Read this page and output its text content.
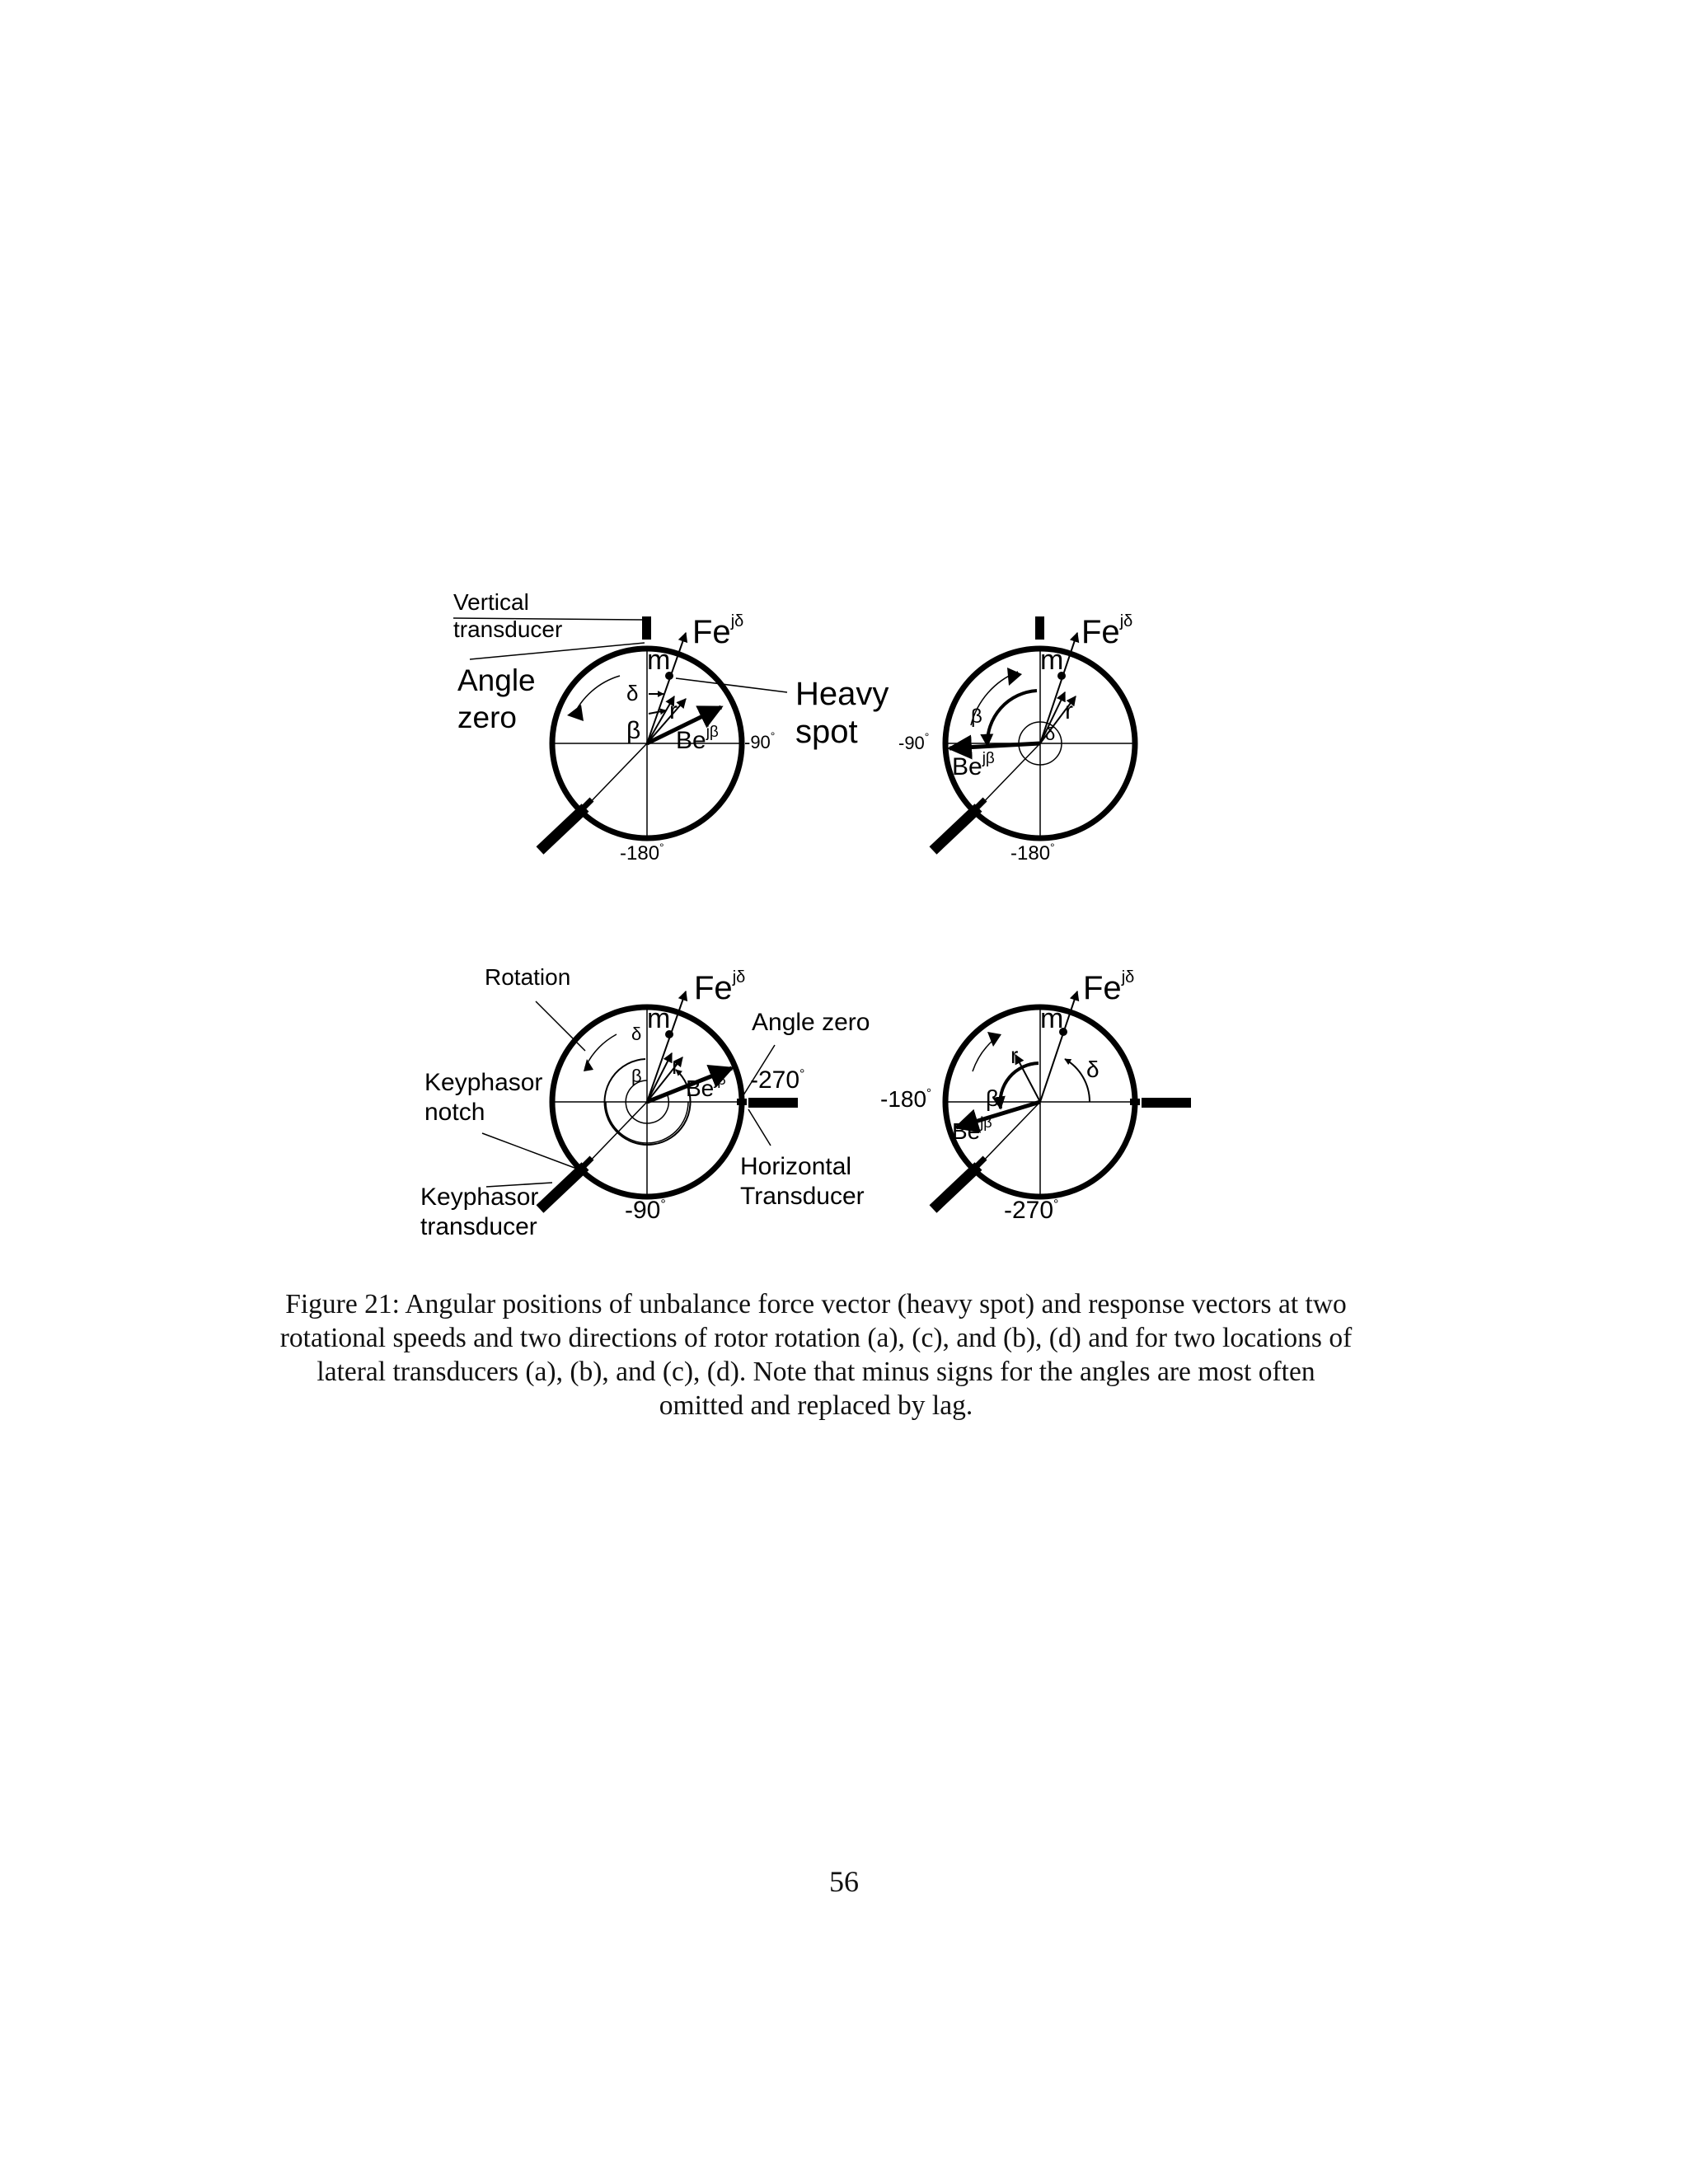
Vertical transducer
Angle zero
Heavy spot
$Fe^{j\delta}$
m
δ
β
r
$Be^{j\beta}$ -90°
-180°
$Fe^{j\delta}$
m
β	r
δ
-90°
$Be^{j\beta}$
-180°
Rotation	$Fe^{j\delta}$
Angle zero
m
δ
r
β $Be^{j\beta}$ -270°
Keyphasor notch
Horizontal Transducer
Keyphasor transducer
-90°
$Fe^{j\delta}$
m
r
δ
β
-180°
$Be^{j\beta}$
-270°
Figure 21: Angular positions of unbalance force vector (heavy spot) and response vectors at two rotational speeds and two directions of rotor rotation (a), (c), and (b), (d) and for two locations of lateral transducers (a), (b), and (c), (d). Note that minus signs for the angles are most often omitted and replaced by lag.
56
